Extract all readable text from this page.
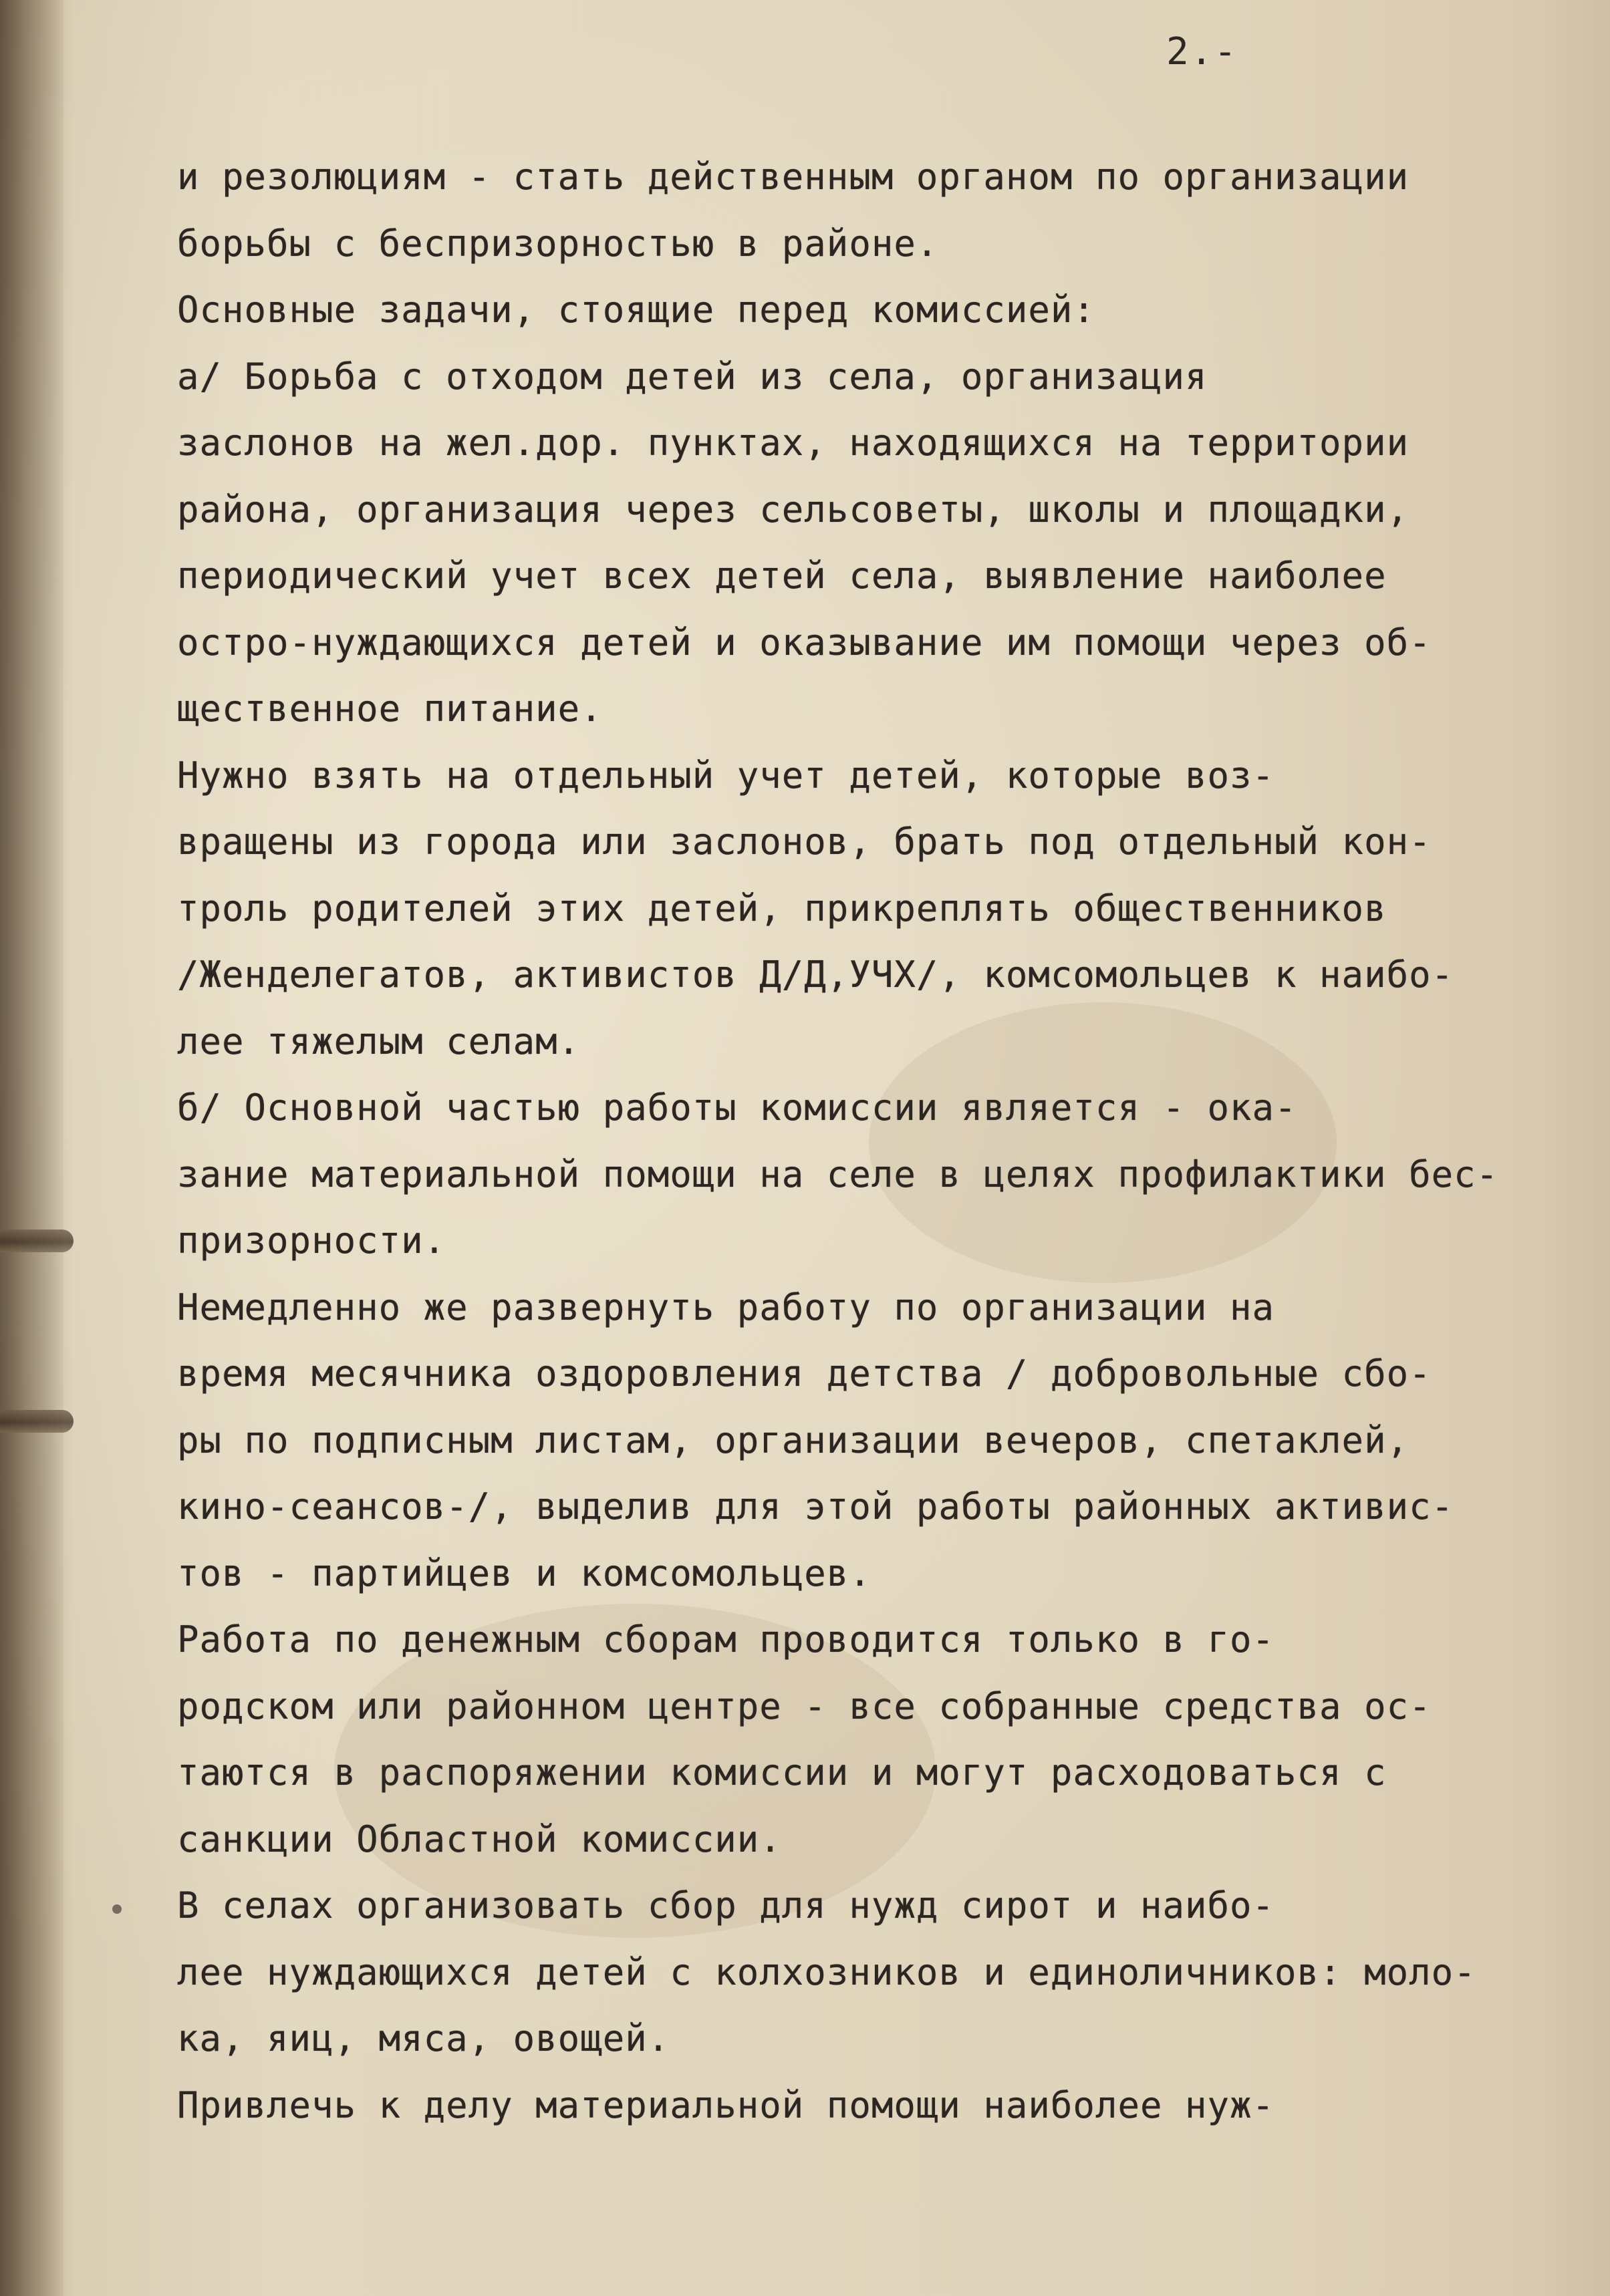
2.-
и резолюциям - стать действенным органом по организации
борьбы с беспризорностью в районе.
Основные задачи, стоящие перед комиссией:
а/ Борьба с отходом детей из села, организация
заслонов на жел.дор. пунктах, находящихся на территории
района, организация через сельсоветы, школы и площадки,
периодический учет всех детей села, выявление наиболее
остро-нуждающихся детей и оказывание им помощи через об-
щественное питание.
Нужно взять на отдельный учет детей, которые воз-
вращены из города или заслонов, брать под отдельный кон-
троль родителей этих детей, прикреплять общественников
/Женделегатов, активистов Д/Д,УЧХ/, комсомольцев к наибо-
лее тяжелым селам.
б/ Основной частью работы комиссии является - ока-
зание материальной помощи на селе в целях профилактики бес-
призорности.
Немедленно же развернуть работу по организации на
время месячника оздоровления детства / добровольные сбо-
ры по подписным листам, организации вечеров, спетаклей,
кино-сеансов-/, выделив для этой работы районных активис-
тов - партийцев и комсомольцев.
Работа по денежным сборам проводится только в го-
родском или районном центре - все собранные средства ос-
таются в распоряжении комиссии и могут расходоваться с
санкции Областной комиссии.
В селах организовать сбор для нужд сирот и наибо-
лее нуждающихся детей с колхозников и единоличников: моло-
ка, яиц, мяса, овощей.
Привлечь к делу материальной помощи наиболее нуж-
